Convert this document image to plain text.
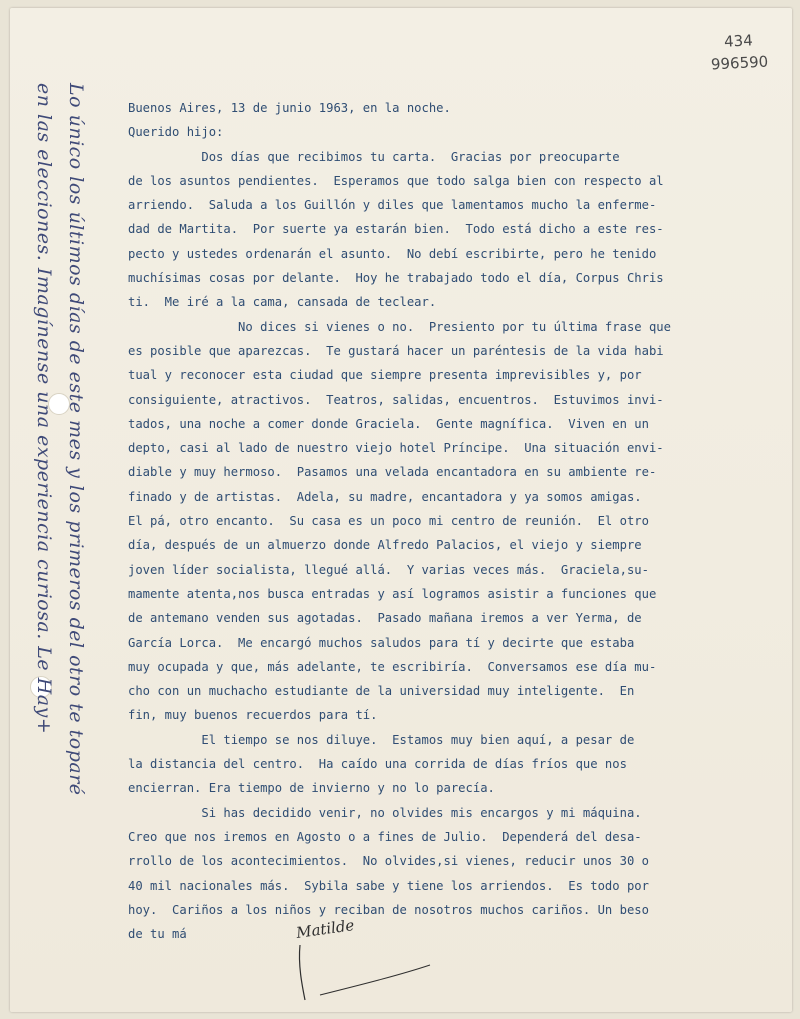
434
996590
Lo único los últimos días de este mes y los primeros del otro te toparé
en las elecciones. Imagínense una experiencia curiosa. Le Hay+	Buenos Aires, 13 de junio 1963, en la noche.
Querido hijo:
Dos días que recibimos tu carta.  Gracias por preocuparte
de los asuntos pendientes.  Esperamos que todo salga bien con respecto al
arriendo.  Saluda a los Guillón y diles que lamentamos mucho la enferme-
dad de Martita.  Por suerte ya estarán bien.  Todo está dicho a este res-
pecto y ustedes ordenarán el asunto.  No debí escribirte, pero he tenido
muchísimas cosas por delante.  Hoy he trabajado todo el día, Corpus Chris
ti.  Me iré a la cama, cansada de teclear.
No dices si vienes o no.  Presiento por tu última frase que
es posible que aparezcas.  Te gustará hacer un paréntesis de la vida habi
tual y reconocer esta ciudad que siempre presenta imprevisibles y, por
consiguiente, atractivos.  Teatros, salidas, encuentros.  Estuvimos invi-
tados, una noche a comer donde Graciela.  Gente magnífica.  Viven en un
depto, casi al lado de nuestro viejo hotel Príncipe.  Una situación envi-
diable y muy hermoso.  Pasamos una velada encantadora en su ambiente re-
finado y de artistas.  Adela, su madre, encantadora y ya somos amigas.
El pá, otro encanto.  Su casa es un poco mi centro de reunión.  El otro
día, después de un almuerzo donde Alfredo Palacios, el viejo y siempre
joven líder socialista, llegué allá.  Y varias veces más.  Graciela,su-
mamente atenta,nos busca entradas y así logramos asistir a funciones que
de antemano venden sus agotadas.  Pasado mañana iremos a ver Yerma, de
García Lorca.  Me encargó muchos saludos para tí y decirte que estaba
muy ocupada y que, más adelante, te escribiría.  Conversamos ese día mu-
cho con un muchacho estudiante de la universidad muy inteligente.  En
fin, muy buenos recuerdos para tí.
El tiempo se nos diluye.  Estamos muy bien aquí, a pesar de
la distancia del centro.  Ha caído una corrida de días fríos que nos
encierran. Era tiempo de invierno y no lo parecía.
Si has decidido venir, no olvides mis encargos y mi máquina.
Creo que nos iremos en Agosto o a fines de Julio.  Dependerá del desa-
rrollo de los acontecimientos.  No olvides,si vienes, reducir unos 30 o
40 mil nacionales más.  Sybila sabe y tiene los arriendos.  Es todo por
hoy.  Cariños a los niños y reciban de nosotros muchos cariños. Un beso
de tu má	Matilde
